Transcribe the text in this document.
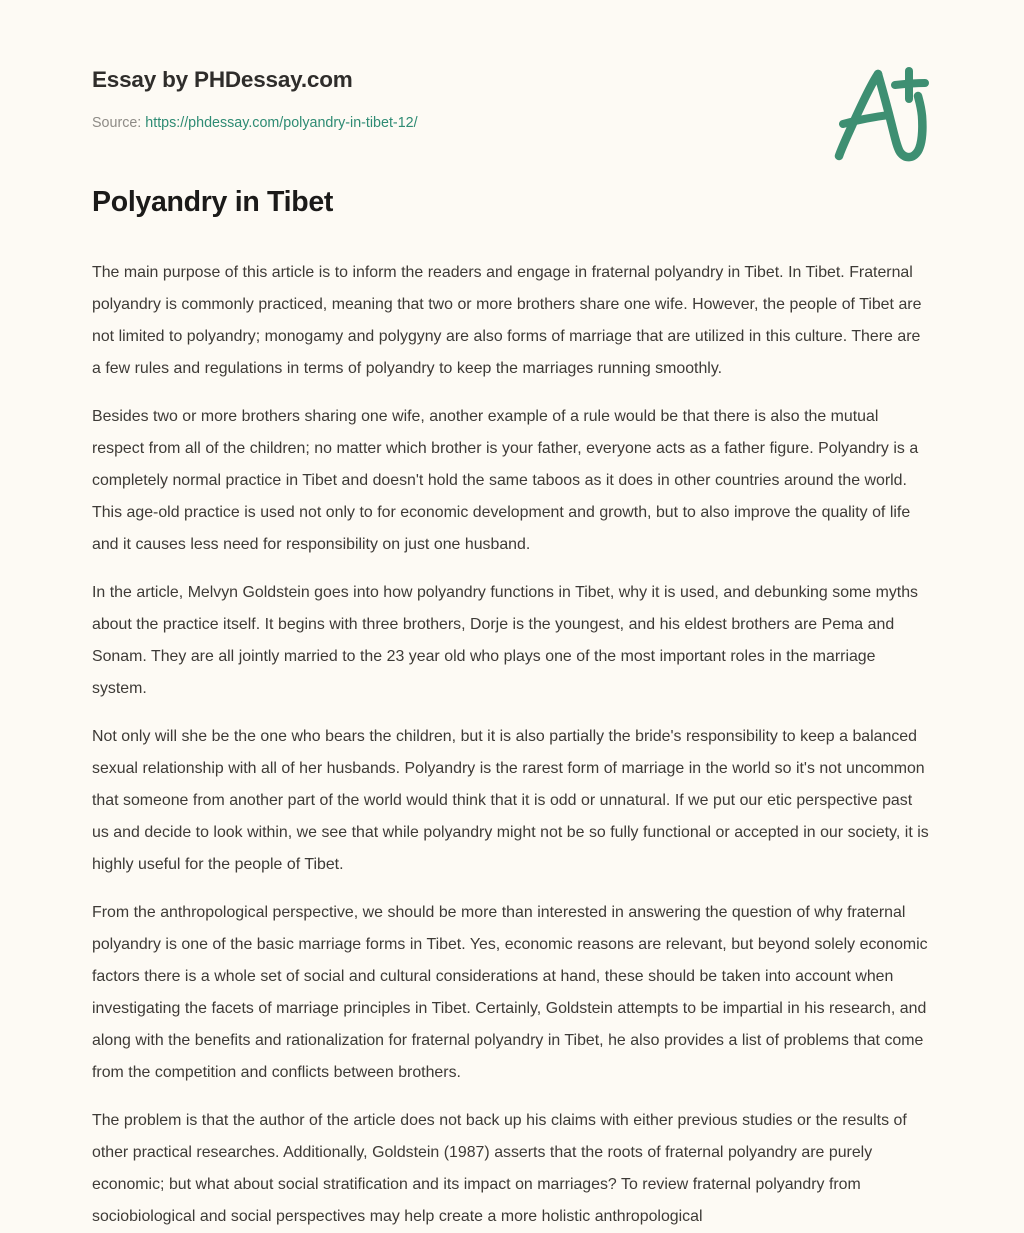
Essay by PHDessay.com
Source: https://phdessay.com/polyandry-in-tibet-12/
Polyandry in Tibet

The main purpose of this article is to inform the readers and engage in fraternal polyandry in Tibet. In Tibet. Fraternal polyandry is commonly practiced, meaning that two or more brothers share one wife. However, the people of Tibet are not limited to polyandry; monogamy and polygyny are also forms of marriage that are utilized in this culture. There are a few rules and regulations in terms of polyandry to keep the marriages running smoothly.

Besides two or more brothers sharing one wife, another example of a rule would be that there is also the mutual respect from all of the children; no matter which brother is your father, everyone acts as a father figure. Polyandry is a completely normal practice in Tibet and doesn't hold the same taboos as it does in other countries around the world. This age-old practice is used not only to for economic development and growth, but to also improve the quality of life and it causes less need for responsibility on just one husband.

In the article, Melvyn Goldstein goes into how polyandry functions in Tibet, why it is used, and debunking some myths about the practice itself. It begins with three brothers, Dorje is the youngest, and his eldest brothers are Pema and Sonam. They are all jointly married to the 23 year old who plays one of the most important roles in the marriage system.

Not only will she be the one who bears the children, but it is also partially the bride's responsibility to keep a balanced sexual relationship with all of her husbands. Polyandry is the rarest form of marriage in the world so it's not uncommon that someone from another part of the world would think that it is odd or unnatural. If we put our etic perspective past us and decide to look within, we see that while polyandry might not be so fully functional or accepted in our society, it is highly useful for the people of Tibet.

From the anthropological perspective, we should be more than interested in answering the question of why fraternal polyandry is one of the basic marriage forms in Tibet. Yes, economic reasons are relevant, but beyond solely economic factors there is a whole set of social and cultural considerations at hand, these should be taken into account when investigating the facets of marriage principles in Tibet. Certainly, Goldstein attempts to be impartial in his research, and along with the benefits and rationalization for fraternal polyandry in Tibet, he also provides a list of problems that come from the competition and conflicts between brothers.

The problem is that the author of the article does not back up his claims with either previous studies or the results of other practical researches. Additionally, Goldstein (1987) asserts that the roots of fraternal polyandry are purely economic; but what about social stratification and its impact on marriages? To review fraternal polyandry from sociobiological and social perspectives may help create a more holistic anthropological
